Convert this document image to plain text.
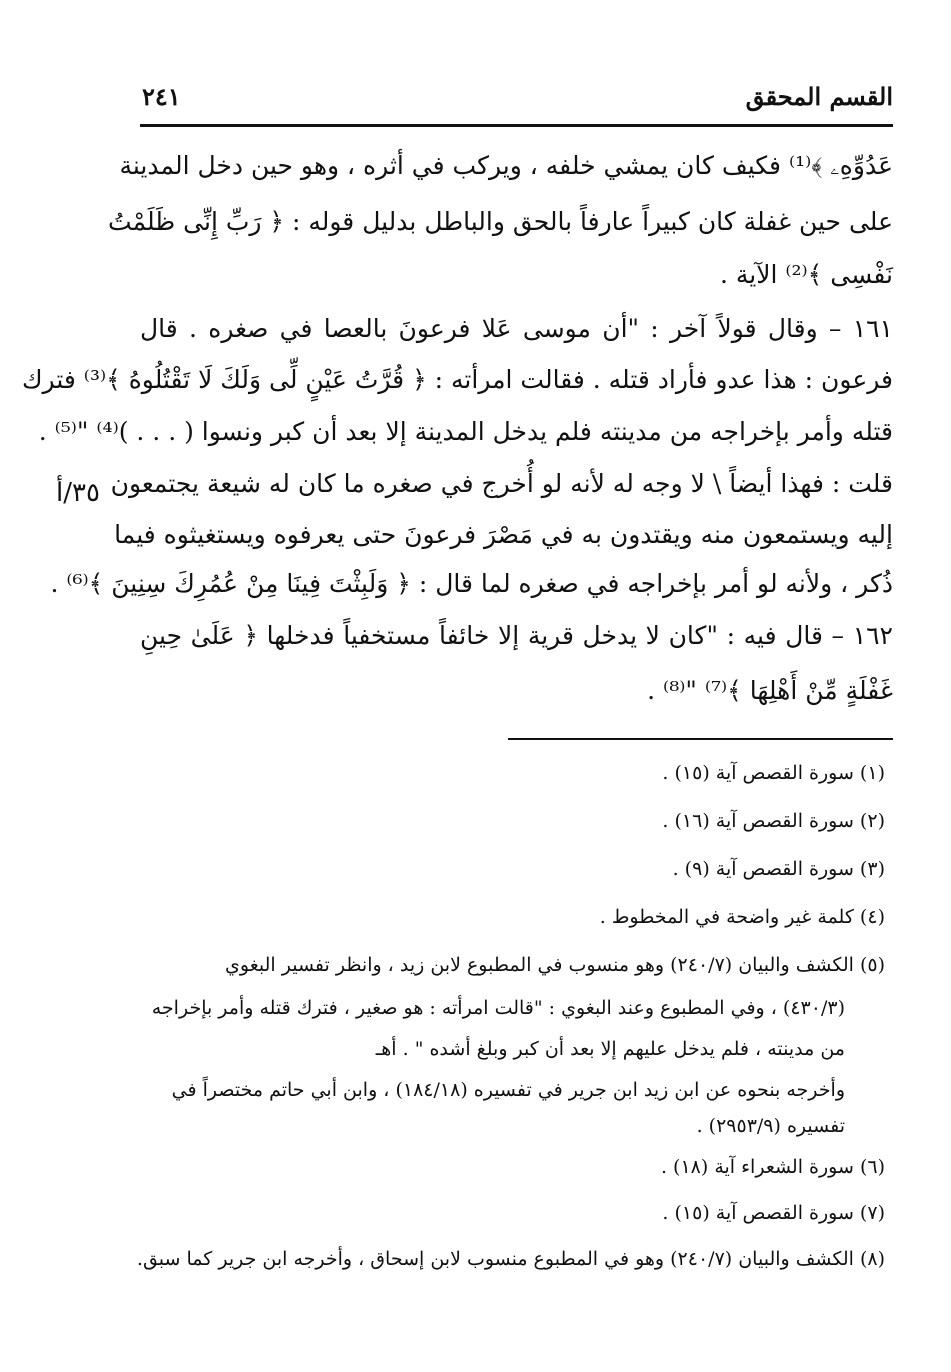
القسم المحقق
٢٤١
٣٥/أ
عَدُوِّهِۦ ﴾⁽¹⁾ فكيف كان يمشي خلفه ، ويركب في أثره ، وهو حين دخل المدينة
على حين غفلة كان كبيراً عارفاً بالحق والباطل بدليل قوله : ﴿ رَبِّ إِنِّى ظَلَمْتُ
نَفْسِى ﴾⁽²⁾ الآية .
١٦١ – وقال قولاً آخر : "أن موسى عَلا فرعونَ بالعصا في صغره . قال
فرعون : هذا عدو فأراد قتله . فقالت امرأته : ﴿ قُرَّتُ عَيْنٍ لِّى وَلَكَ لَا تَقْتُلُوهُ ﴾⁽³⁾ فترك
قتله وأمر بإخراجه من مدينته فلم يدخل المدينة إلا بعد أن كبر ونسوا ( . . . )⁽⁴⁾ "⁽⁵⁾ .
قلت : فهذا أيضاً \ لا وجه له لأنه لو أُخرج في صغره ما كان له شيعة يجتمعون
إليه ويستمعون منه ويقتدون به في مَصْرَ فرعونَ حتى يعرفوه ويستغيثوه فيما
ذُكر ، ولأنه لو أمر بإخراجه في صغره لما قال : ﴿ وَلَبِثْتَ فِينَا مِنْ عُمُرِكَ سِنِينَ ﴾⁽⁶⁾ .
١٦٢ – قال فيه : "كان لا يدخل قرية إلا خائفاً مستخفياً فدخلها ﴿ عَلَىٰ حِينِ
غَفْلَةٍ مِّنْ أَهْلِهَا ﴾⁽⁷⁾ "⁽⁸⁾ .
(١) سورة القصص آية (١٥) .
(٢) سورة القصص آية (١٦) .
(٣) سورة القصص آية (٩) .
(٤) كلمة غير واضحة في المخطوط .
(٥) الكشف والبيان (٢٤٠/٧) وهو منسوب في المطبوع لابن زيد ، وانظر تفسير البغوي
(٤٣٠/٣) ، وفي المطبوع وعند البغوي : "قالت امرأته : هو صغير ، فترك قتله وأمر بإخراجه
من مدينته ، فلم يدخل عليهم إلا بعد أن كبر وبلغ أشده " . أهـ
وأخرجه بنحوه عن ابن زيد ابن جرير في تفسيره (١٨٤/١٨) ، وابن أبي حاتم مختصراً في
تفسيره (٢٩٥٣/٩) .
(٦) سورة الشعراء آية (١٨) .
(٧) سورة القصص آية (١٥) .
(٨) الكشف والبيان (٢٤٠/٧) وهو في المطبوع منسوب لابن إسحاق ، وأخرجه ابن جرير كما سبق.
